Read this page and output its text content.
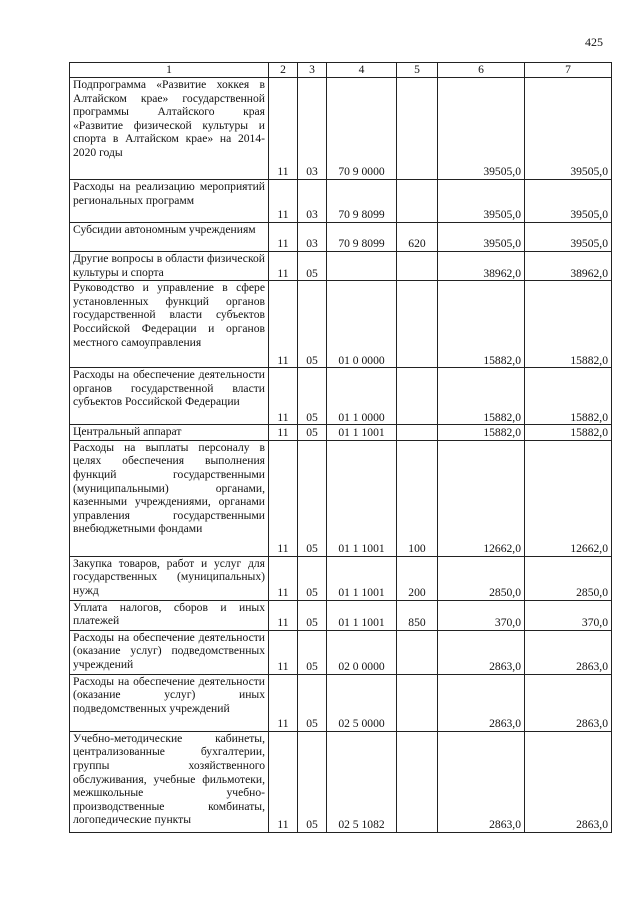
425
1	2	3	4	5	6	7
Подпрограмма «Развитие хоккея в Алтайском крае» государственной программы Алтайского края «Развитие физической культуры и спорта в Алтайском крае» на 2014-2020 годы	11	03	70 9 0000		39505,0	39505,0
Расходы на реализацию мероприятий региональных программ	11	03	70 9 8099		39505,0	39505,0
Субсидии автономным учреждениям	11	03	70 9 8099	620	39505,0	39505,0
Другие вопросы в области физической культуры и спорта	11	05			38962,0	38962,0
Руководство и управление в сфере установленных функций органов государственной власти субъектов Российской Федерации и органов местного самоуправления	11	05	01 0 0000		15882,0	15882,0
Расходы на обеспечение деятельности органов государственной власти субъектов Российской Федерации	11	05	01 1 0000		15882,0	15882,0
Центральный аппарат	11	05	01 1 1001		15882,0	15882,0
Расходы на выплаты персоналу в целях обеспечения выполнения функций государственными (муниципальными) органами, казенными учреждениями, органами управления государственными внебюджетными фондами	11	05	01 1 1001	100	12662,0	12662,0
Закупка товаров, работ и услуг для государственных (муниципальных) нужд	11	05	01 1 1001	200	2850,0	2850,0
Уплата налогов, сборов и иных платежей	11	05	01 1 1001	850	370,0	370,0
Расходы на обеспечение деятельности (оказание услуг) подведомственных учреждений	11	05	02 0 0000		2863,0	2863,0
Расходы на обеспечение деятельности (оказание услуг) иных подведомственных учреждений	11	05	02 5 0000		2863,0	2863,0
Учебно-методические кабинеты, централизованные бухгалтерии, группы хозяйственного обслуживания, учебные фильмотеки, межшкольные учебно-производственные комбинаты, логопедические пункты	11	05	02 5 1082		2863,0	2863,0
